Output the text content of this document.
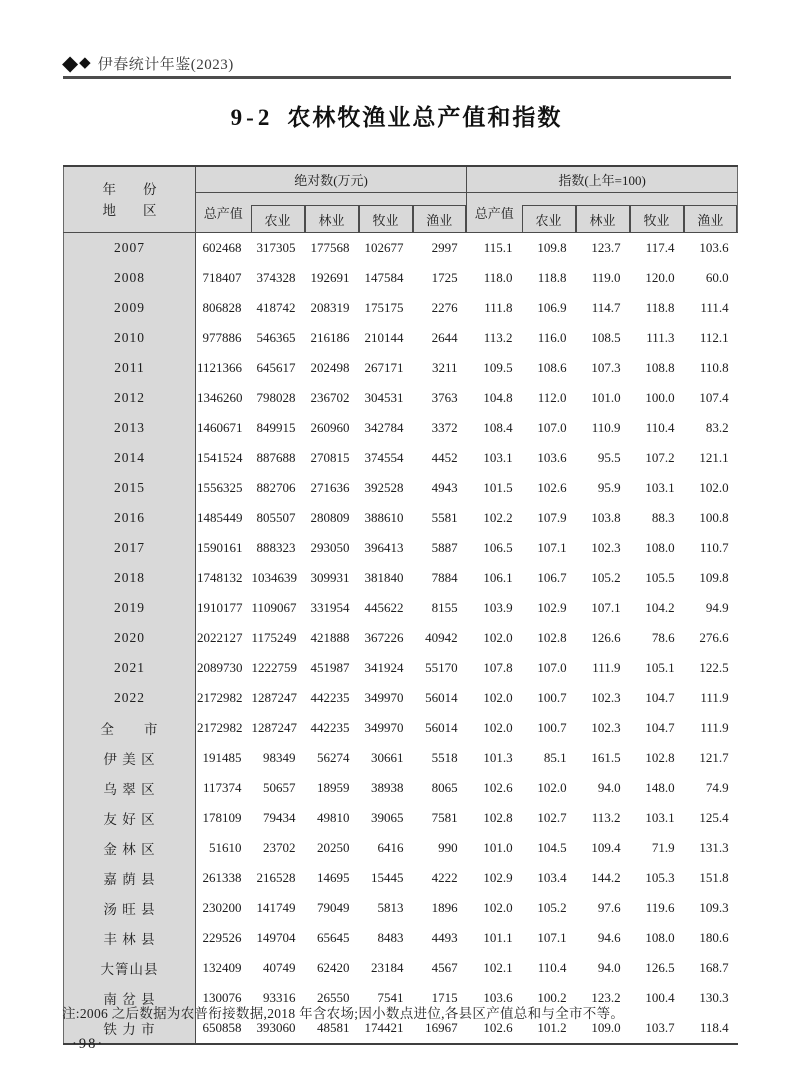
◆ ◆ 伊春统计年鉴(2023)
9-2 农林牧渔业总产值和指数
年　　份
地　　区	绝对数(万元)					指数(上年=100)				
	总产值	农业	林业	牧业	渔业	总产值	农业	林业	牧业	渔业

2007	602468	317305	177568	102677	2997	115.1	109.8	123.7	117.4	103.6
2008	718407	374328	192691	147584	1725	118.0	118.8	119.0	120.0	60.0
2009	806828	418742	208319	175175	2276	111.8	106.9	114.7	118.8	111.4
2010	977886	546365	216186	210144	2644	113.2	116.0	108.5	111.3	112.1
2011	1121366	645617	202498	267171	3211	109.5	108.6	107.3	108.8	110.8
2012	1346260	798028	236702	304531	3763	104.8	112.0	101.0	100.0	107.4
2013	1460671	849915	260960	342784	3372	108.4	107.0	110.9	110.4	83.2
2014	1541524	887688	270815	374554	4452	103.1	103.6	95.5	107.2	121.1
2015	1556325	882706	271636	392528	4943	101.5	102.6	95.9	103.1	102.0
2016	1485449	805507	280809	388610	5581	102.2	107.9	103.8	88.3	100.8
2017	1590161	888323	293050	396413	5887	106.5	107.1	102.3	108.0	110.7
2018	1748132	1034639	309931	381840	7884	106.1	106.7	105.2	105.5	109.8
2019	1910177	1109067	331954	445622	8155	103.9	102.9	107.1	104.2	94.9
2020	2022127	1175249	421888	367226	40942	102.0	102.8	126.6	78.6	276.6
2021	2089730	1222759	451987	341924	55170	107.8	107.0	111.9	105.1	122.5
2022	2172982	1287247	442235	349970	56014	102.0	100.7	102.3	104.7	111.9
全　　市	2172982	1287247	442235	349970	56014	102.0	100.7	102.3	104.7	111.9
伊 美 区	191485	98349	56274	30661	5518	101.3	85.1	161.5	102.8	121.7
乌 翠 区	117374	50657	18959	38938	8065	102.6	102.0	94.0	148.0	74.9
友 好 区	178109	79434	49810	39065	7581	102.8	102.7	113.2	103.1	125.4
金 林 区	51610	23702	20250	6416	990	101.0	104.5	109.4	71.9	131.3
嘉 荫 县	261338	216528	14695	15445	4222	102.9	103.4	144.2	105.3	151.8
汤 旺 县	230200	141749	79049	5813	1896	102.0	105.2	97.6	119.6	109.3
丰 林 县	229526	149704	65645	8483	4493	101.1	107.1	94.6	108.0	180.6
大箐山县	132409	40749	62420	23184	4567	102.1	110.4	94.0	126.5	168.7
南 岔 县	130076	93316	26550	7541	1715	103.6	100.2	123.2	100.4	130.3
铁 力 市	650858	393060	48581	174421	16967	102.6	101.2	109.0	103.7	118.4
注:2006 之后数据为农普衔接数据,2018 年含农场;因小数点进位,各县区产值总和与全市不等。
·98·
